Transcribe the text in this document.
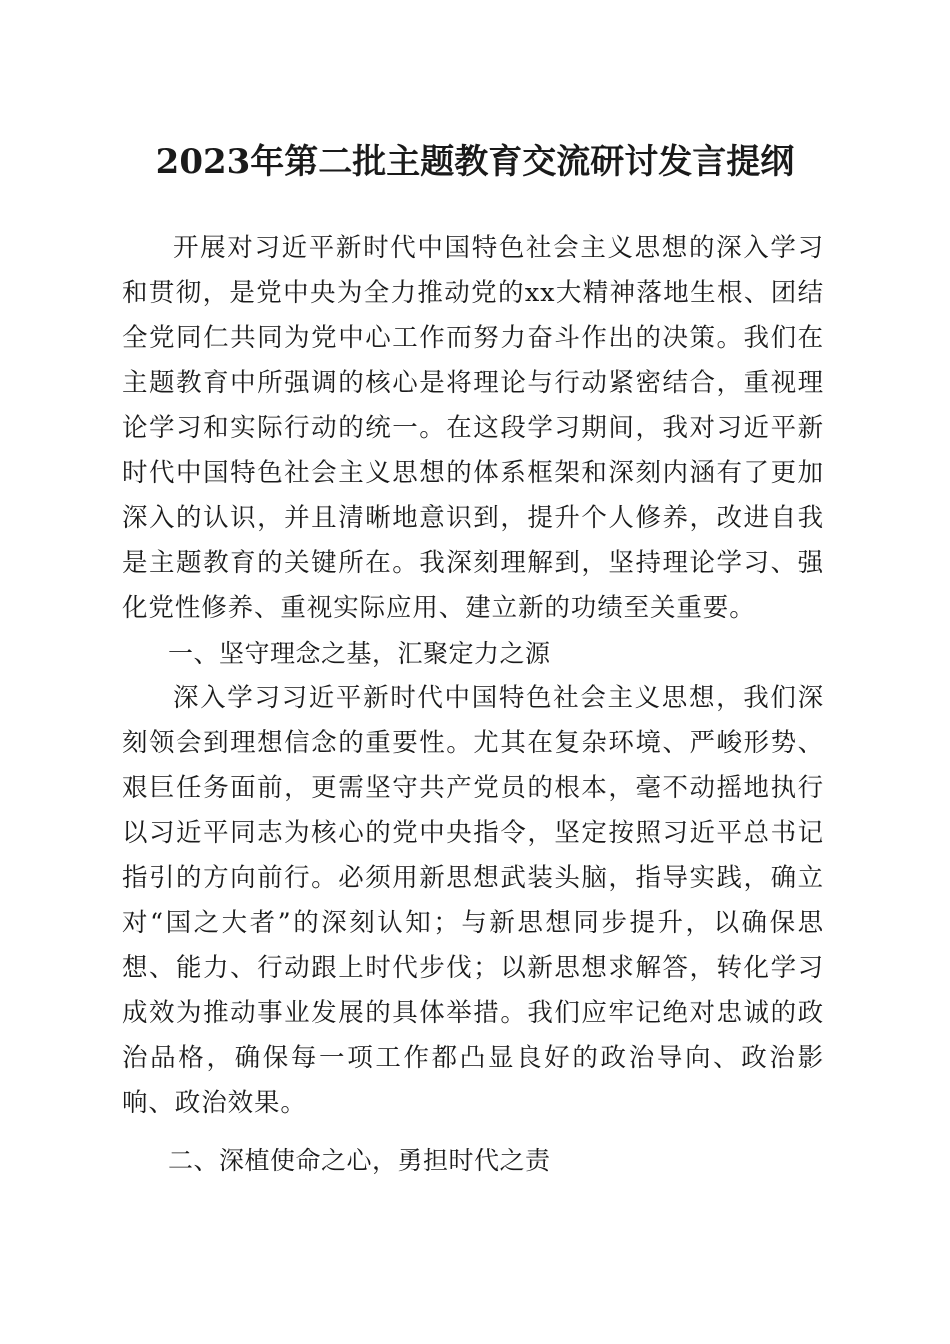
2023年第二批主题教育交流研讨发言提纲

开展对习近平新时代中国特色社会主义思想的深入学习和贯彻，是党中央为全力推动党的xx大精神落地生根、团结全党同仁共同为党中心工作而努力奋斗作出的决策。我们在主题教育中所强调的核心是将理论与行动紧密结合，重视理论学习和实际行动的统一。在这段学习期间，我对习近平新时代中国特色社会主义思想的体系框架和深刻内涵有了更加深入的认识，并且清晰地意识到，提升个人修养，改进自我是主题教育的关键所在。我深刻理解到，坚持理论学习、强化党性修养、重视实际应用、建立新的功绩至关重要。

一、坚守理念之基，汇聚定力之源

深入学习习近平新时代中国特色社会主义思想，我们深刻领会到理想信念的重要性。尤其在复杂环境、严峻形势、艰巨任务面前，更需坚守共产党员的根本，毫不动摇地执行以习近平同志为核心的党中央指令，坚定按照习近平总书记指引的方向前行。必须用新思想武装头脑，指导实践，确立对“国之大者”的深刻认知；与新思想同步提升，以确保思想、能力、行动跟上时代步伐；以新思想求解答，转化学习成效为推动事业发展的具体举措。我们应牢记绝对忠诚的政治品格，确保每一项工作都凸显良好的政治导向、政治影响、政治效果。

二、深植使命之心，勇担时代之责
